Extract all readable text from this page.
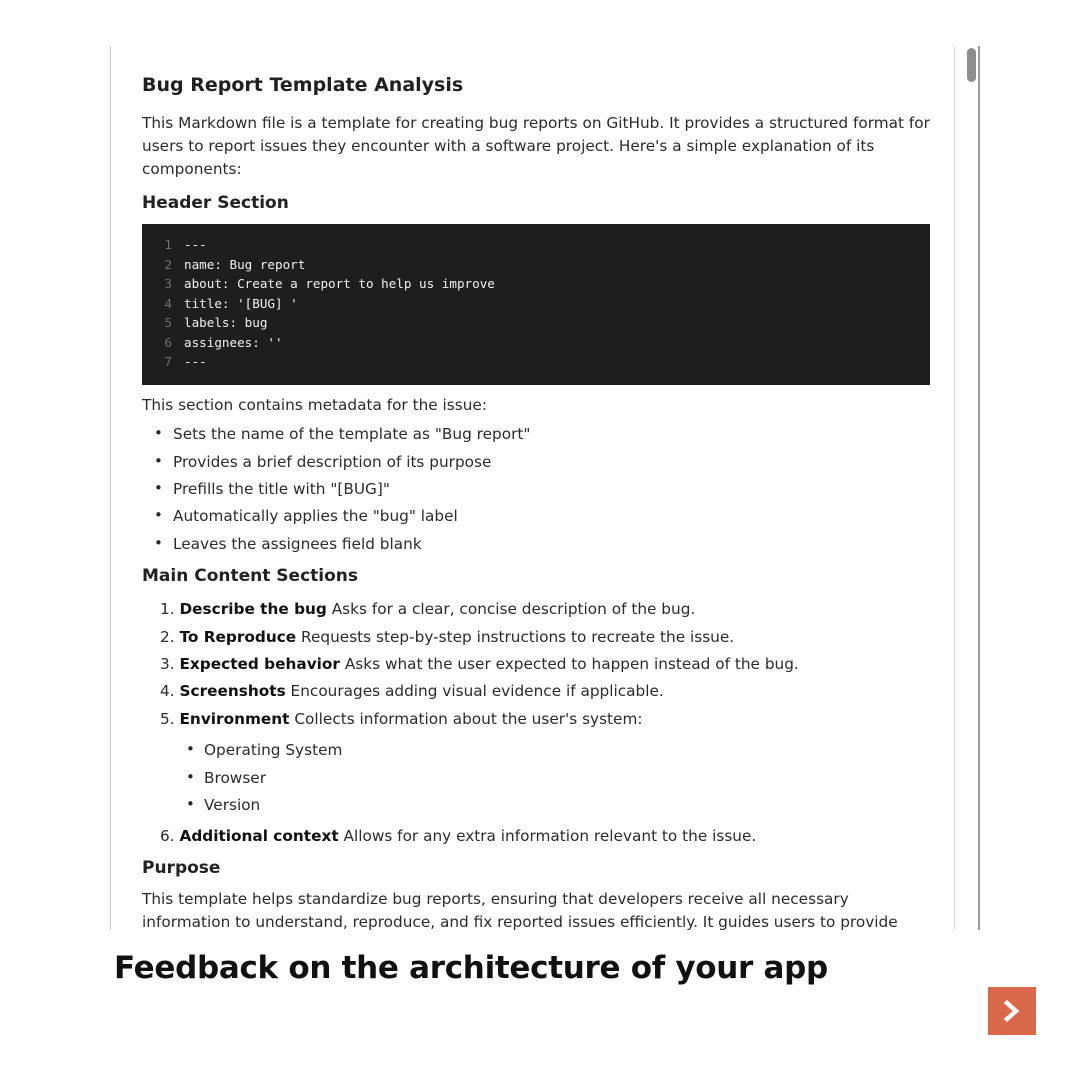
Bug Report Template Analysis

This Markdown file is a template for creating bug reports on GitHub. It provides a structured format for users to report issues they encounter with a software project. Here's a simple explanation of its components:

Header Section
1 ---
2 name: Bug report
3 about: Create a report to help us improve
4 title: '[BUG] '
5 labels: bug
6 assignees: ''
7 ---

This section contains metadata for the issue:

• Sets the name of the template as "Bug report"
• Provides a brief description of its purpose
• Prefills the title with "[BUG]"
• Automatically applies the "bug" label
• Leaves the assignees field blank
Main Content Sections
1. Describe the bug Asks for a clear, concise description of the bug.
2. To Reproduce Requests step-by-step instructions to recreate the issue.
3. Expected behavior Asks what the user expected to happen instead of the bug.
4. Screenshots Encourages adding visual evidence if applicable.
5. Environment Collects information about the user's system:
• Operating System
• Browser
• Version
6. Additional context Allows for any extra information relevant to the issue.
Purpose

This template helps standardize bug reports, ensuring that developers receive all necessary information to understand, reproduce, and fix reported issues efficiently. It guides users to provide

Feedback on the architecture of your app
